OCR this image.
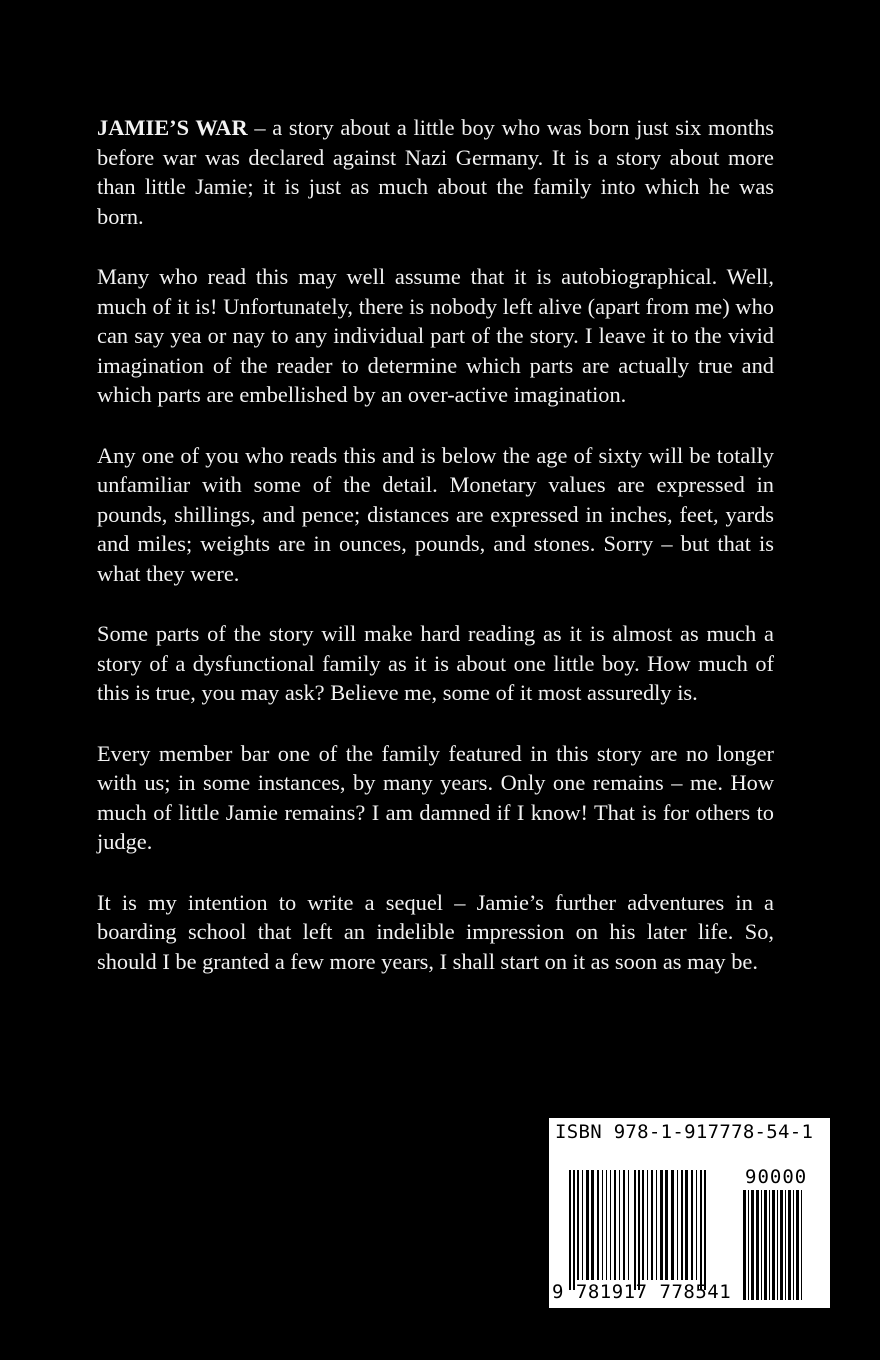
JAMIE’S WAR – a story about a little boy who was born just six months before war was declared against Nazi Germany. It is a story about more than little Jamie; it is just as much about the family into which he was born.

Many who read this may well assume that it is autobiographical. Well, much of it is! Unfortunately, there is nobody left alive (apart from me) who can say yea or nay to any individual part of the story. I leave it to the vivid imagination of the reader to determine which parts are actually true and which parts are embellished by an over-active imagination.

Any one of you who reads this and is below the age of sixty will be totally unfamiliar with some of the detail. Monetary values are expressed in pounds, shillings, and pence; distances are expressed in inches, feet, yards and miles; weights are in ounces, pounds, and stones. Sorry – but that is what they were.

Some parts of the story will make hard reading as it is almost as much a story of a dysfunctional family as it is about one little boy. How much of this is true, you may ask? Believe me, some of it most assuredly is.

Every member bar one of the family featured in this story are no longer with us; in some instances, by many years. Only one remains – me. How much of little Jamie remains? I am damned if I know! That is for others to judge.

It is my intention to write a sequel – Jamie’s further adventures in a boarding school that left an indelible impression on his later life. So, should I be granted a few more years, I shall start on it as soon as may be.

ISBN 978-1-917778-54-1
90000
9 781917 778541
